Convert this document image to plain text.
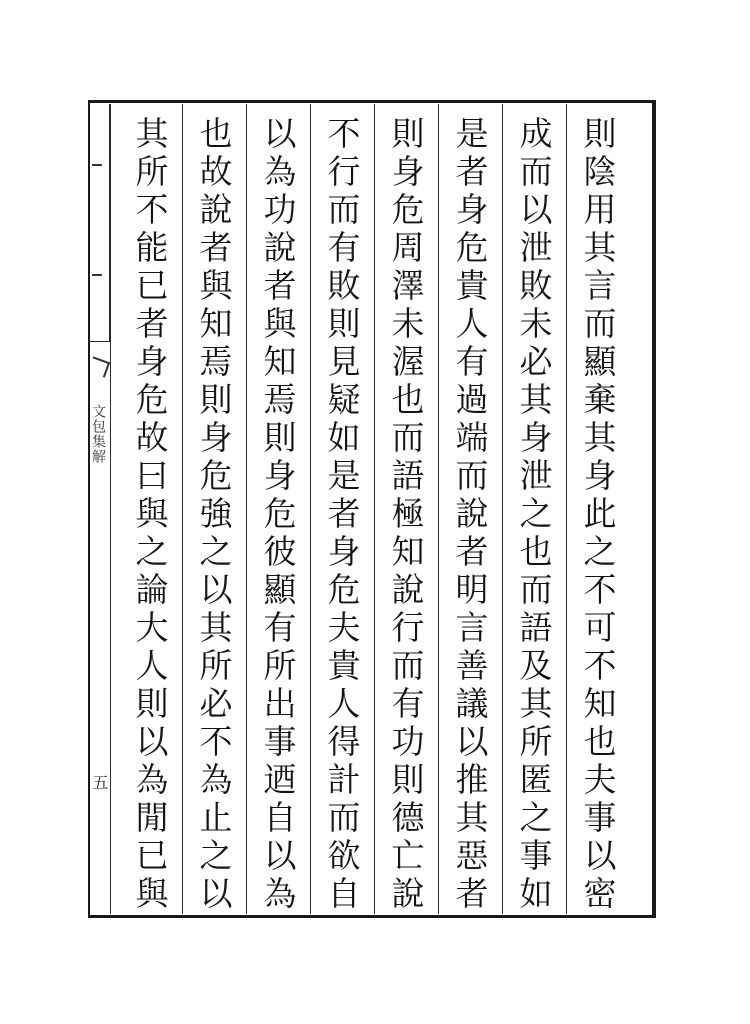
文包集解
五	則陰用其言而顯棄其身此之不可不知也夫事以密
成而以泄敗未必其身泄之也而語及其所匿之事如
是者身危貴人有過端而說者明言善議以推其惡者
則身危周澤未渥也而語極知說行而有功則德亡說
不行而有敗則見疑如是者身危夫貴人得計而欲自
以為功說者與知焉則身危彼顯有所出事迺自以為
也故說者與知焉則身危強之以其所必不為止之以
其所不能已者身危故曰與之論大人則以為閒已與
